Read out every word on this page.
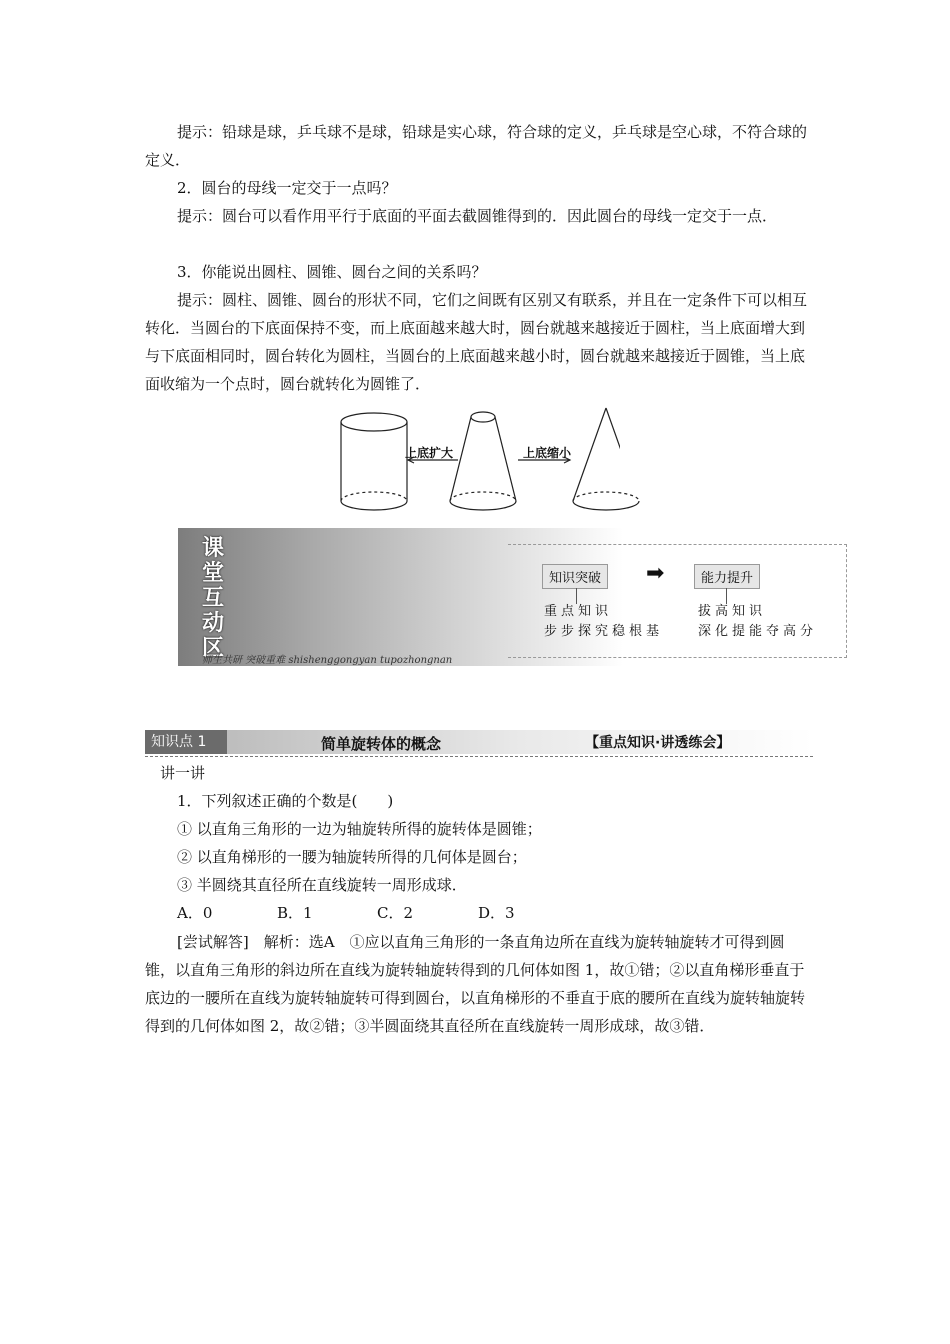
提示：铅球是球，乒乓球不是球，铅球是实心球，符合球的定义，乒乓球是空心球，不符合球的定义．

2．圆台的母线一定交于一点吗？

提示：圆台可以看作用平行于底面的平面去截圆锥得到的．因此圆台的母线一定交于一点．

3．你能说出圆柱、圆锥、圆台之间的关系吗？

提示：圆柱、圆锥、圆台的形状不同，它们之间既有区别又有联系，并且在一定条件下可以相互转化．当圆台的下底面保持不变，而上底面越来越大时，圆台就越来越接近于圆柱，当上底面增大到与下底面相同时，圆台转化为圆柱，当圆台的上底面越来越小时，圆台就越来越接近于圆锥，当上底面收缩为一个点时，圆台就转化为圆锥了．

上底扩大	上底缩小
课堂互动区
师生共研 突破重难 shishenggongyan tupozhongnan
知识突破	➡	能力提升
重点知识
步步探究稳根基
拔高知识
深化提能夺高分
知识点 1	简单旋转体的概念	【重点知识·讲透练会】
讲一讲
1．下列叙述正确的个数是(　　)
① 以直角三角形的一边为轴旋转所得的旋转体是圆锥；
② 以直角梯形的一腰为轴旋转所得的几何体是圆台；
③ 半圆绕其直径所在直线旋转一周形成球．
A．0	B．1	C．2	D．3

[尝试解答]　解析：选A　①应以直角三角形的一条直角边所在直线为旋转轴旋转才可得到圆锥，以直角三角形的斜边所在直线为旋转轴旋转得到的几何体如图 1，故①错；②以直角梯形垂直于底边的一腰所在直线为旋转轴旋转可得到圆台，以直角梯形的不垂直于底的腰所在直线为旋转轴旋转得到的几何体如图 2，故②错；③半圆面绕其直径所在直线旋转一周形成球，故③错．
